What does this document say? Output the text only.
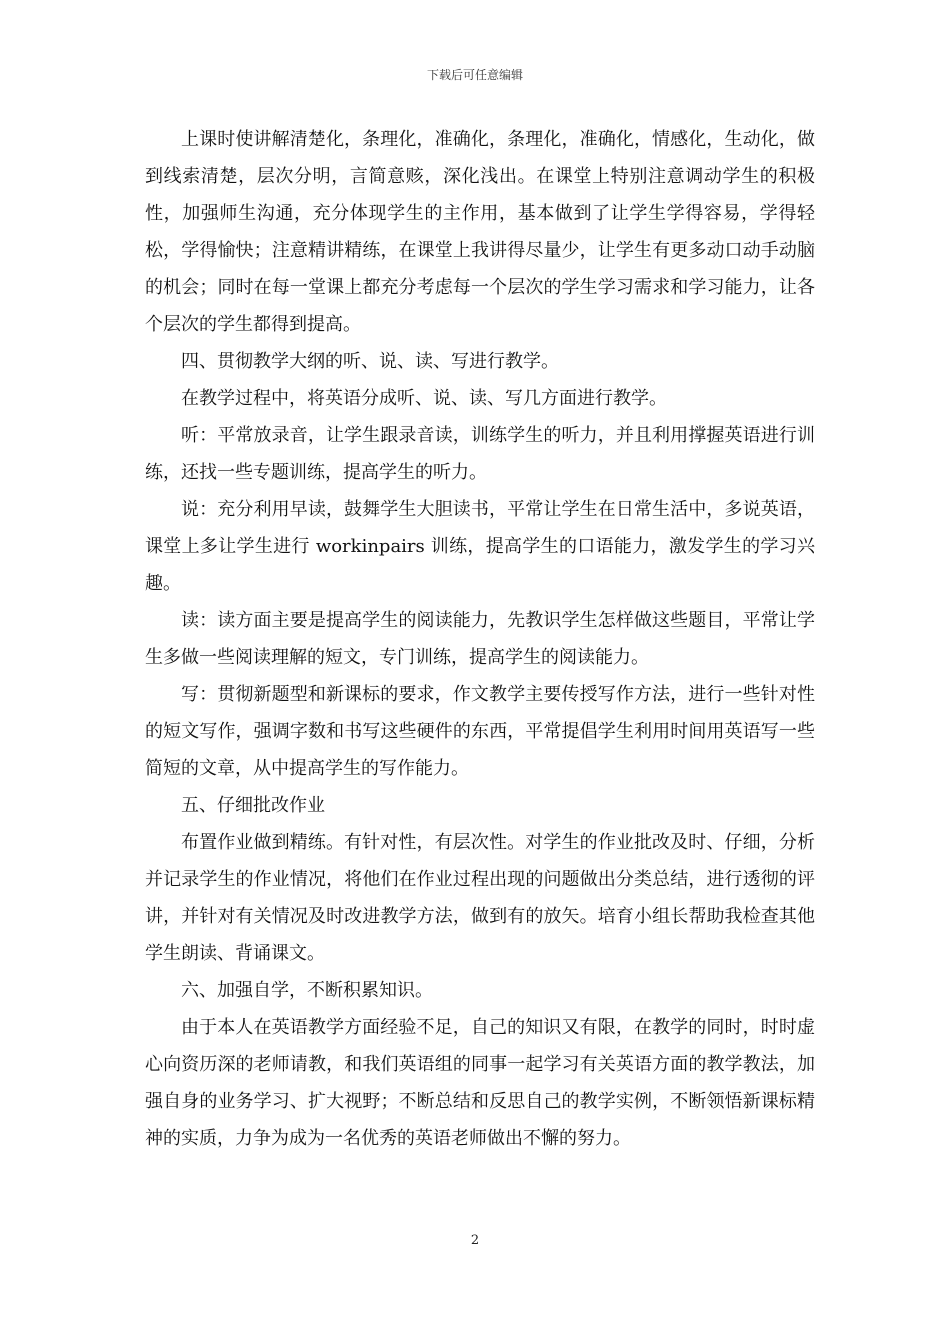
下载后可任意编辑

上课时使讲解清楚化，条理化，准确化，条理化，准确化，情感化，生动化，做到线索清楚，层次分明，言简意赅，深化浅出。在课堂上特别注意调动学生的积极性，加强师生沟通，充分体现学生的主作用，基本做到了让学生学得容易，学得轻松，学得愉快；注意精讲精练，在课堂上我讲得尽量少，让学生有更多动口动手动脑的机会；同时在每一堂课上都充分考虑每一个层次的学生学习需求和学习能力，让各个层次的学生都得到提高。

四、贯彻教学大纲的听、说、读、写进行教学。

在教学过程中，将英语分成听、说、读、写几方面进行教学。

听：平常放录音，让学生跟录音读，训练学生的听力，并且利用撑握英语进行训练，还找一些专题训练，提高学生的听力。

说：充分利用早读，鼓舞学生大胆读书，平常让学生在日常生活中，多说英语，课堂上多让学生进行 workinpairs 训练，提高学生的口语能力，激发学生的学习兴趣。

读：读方面主要是提高学生的阅读能力，先教识学生怎样做这些题目，平常让学生多做一些阅读理解的短文，专门训练，提高学生的阅读能力。

写：贯彻新题型和新课标的要求，作文教学主要传授写作方法，进行一些针对性的短文写作，强调字数和书写这些硬件的东西，平常提倡学生利用时间用英语写一些简短的文章，从中提高学生的写作能力。

五、仔细批改作业

布置作业做到精练。有针对性，有层次性。对学生的作业批改及时、仔细，分析并记录学生的作业情况，将他们在作业过程出现的问题做出分类总结，进行透彻的评讲，并针对有关情况及时改进教学方法，做到有的放矢。培育小组长帮助我检查其他学生朗读、背诵课文。

六、加强自学，不断积累知识。

由于本人在英语教学方面经验不足，自己的知识又有限，在教学的同时，时时虚心向资历深的老师请教，和我们英语组的同事一起学习有关英语方面的教学教法，加强自身的业务学习、扩大视野；不断总结和反思自己的教学实例，不断领悟新课标精神的实质，力争为成为一名优秀的英语老师做出不懈的努力。

2
